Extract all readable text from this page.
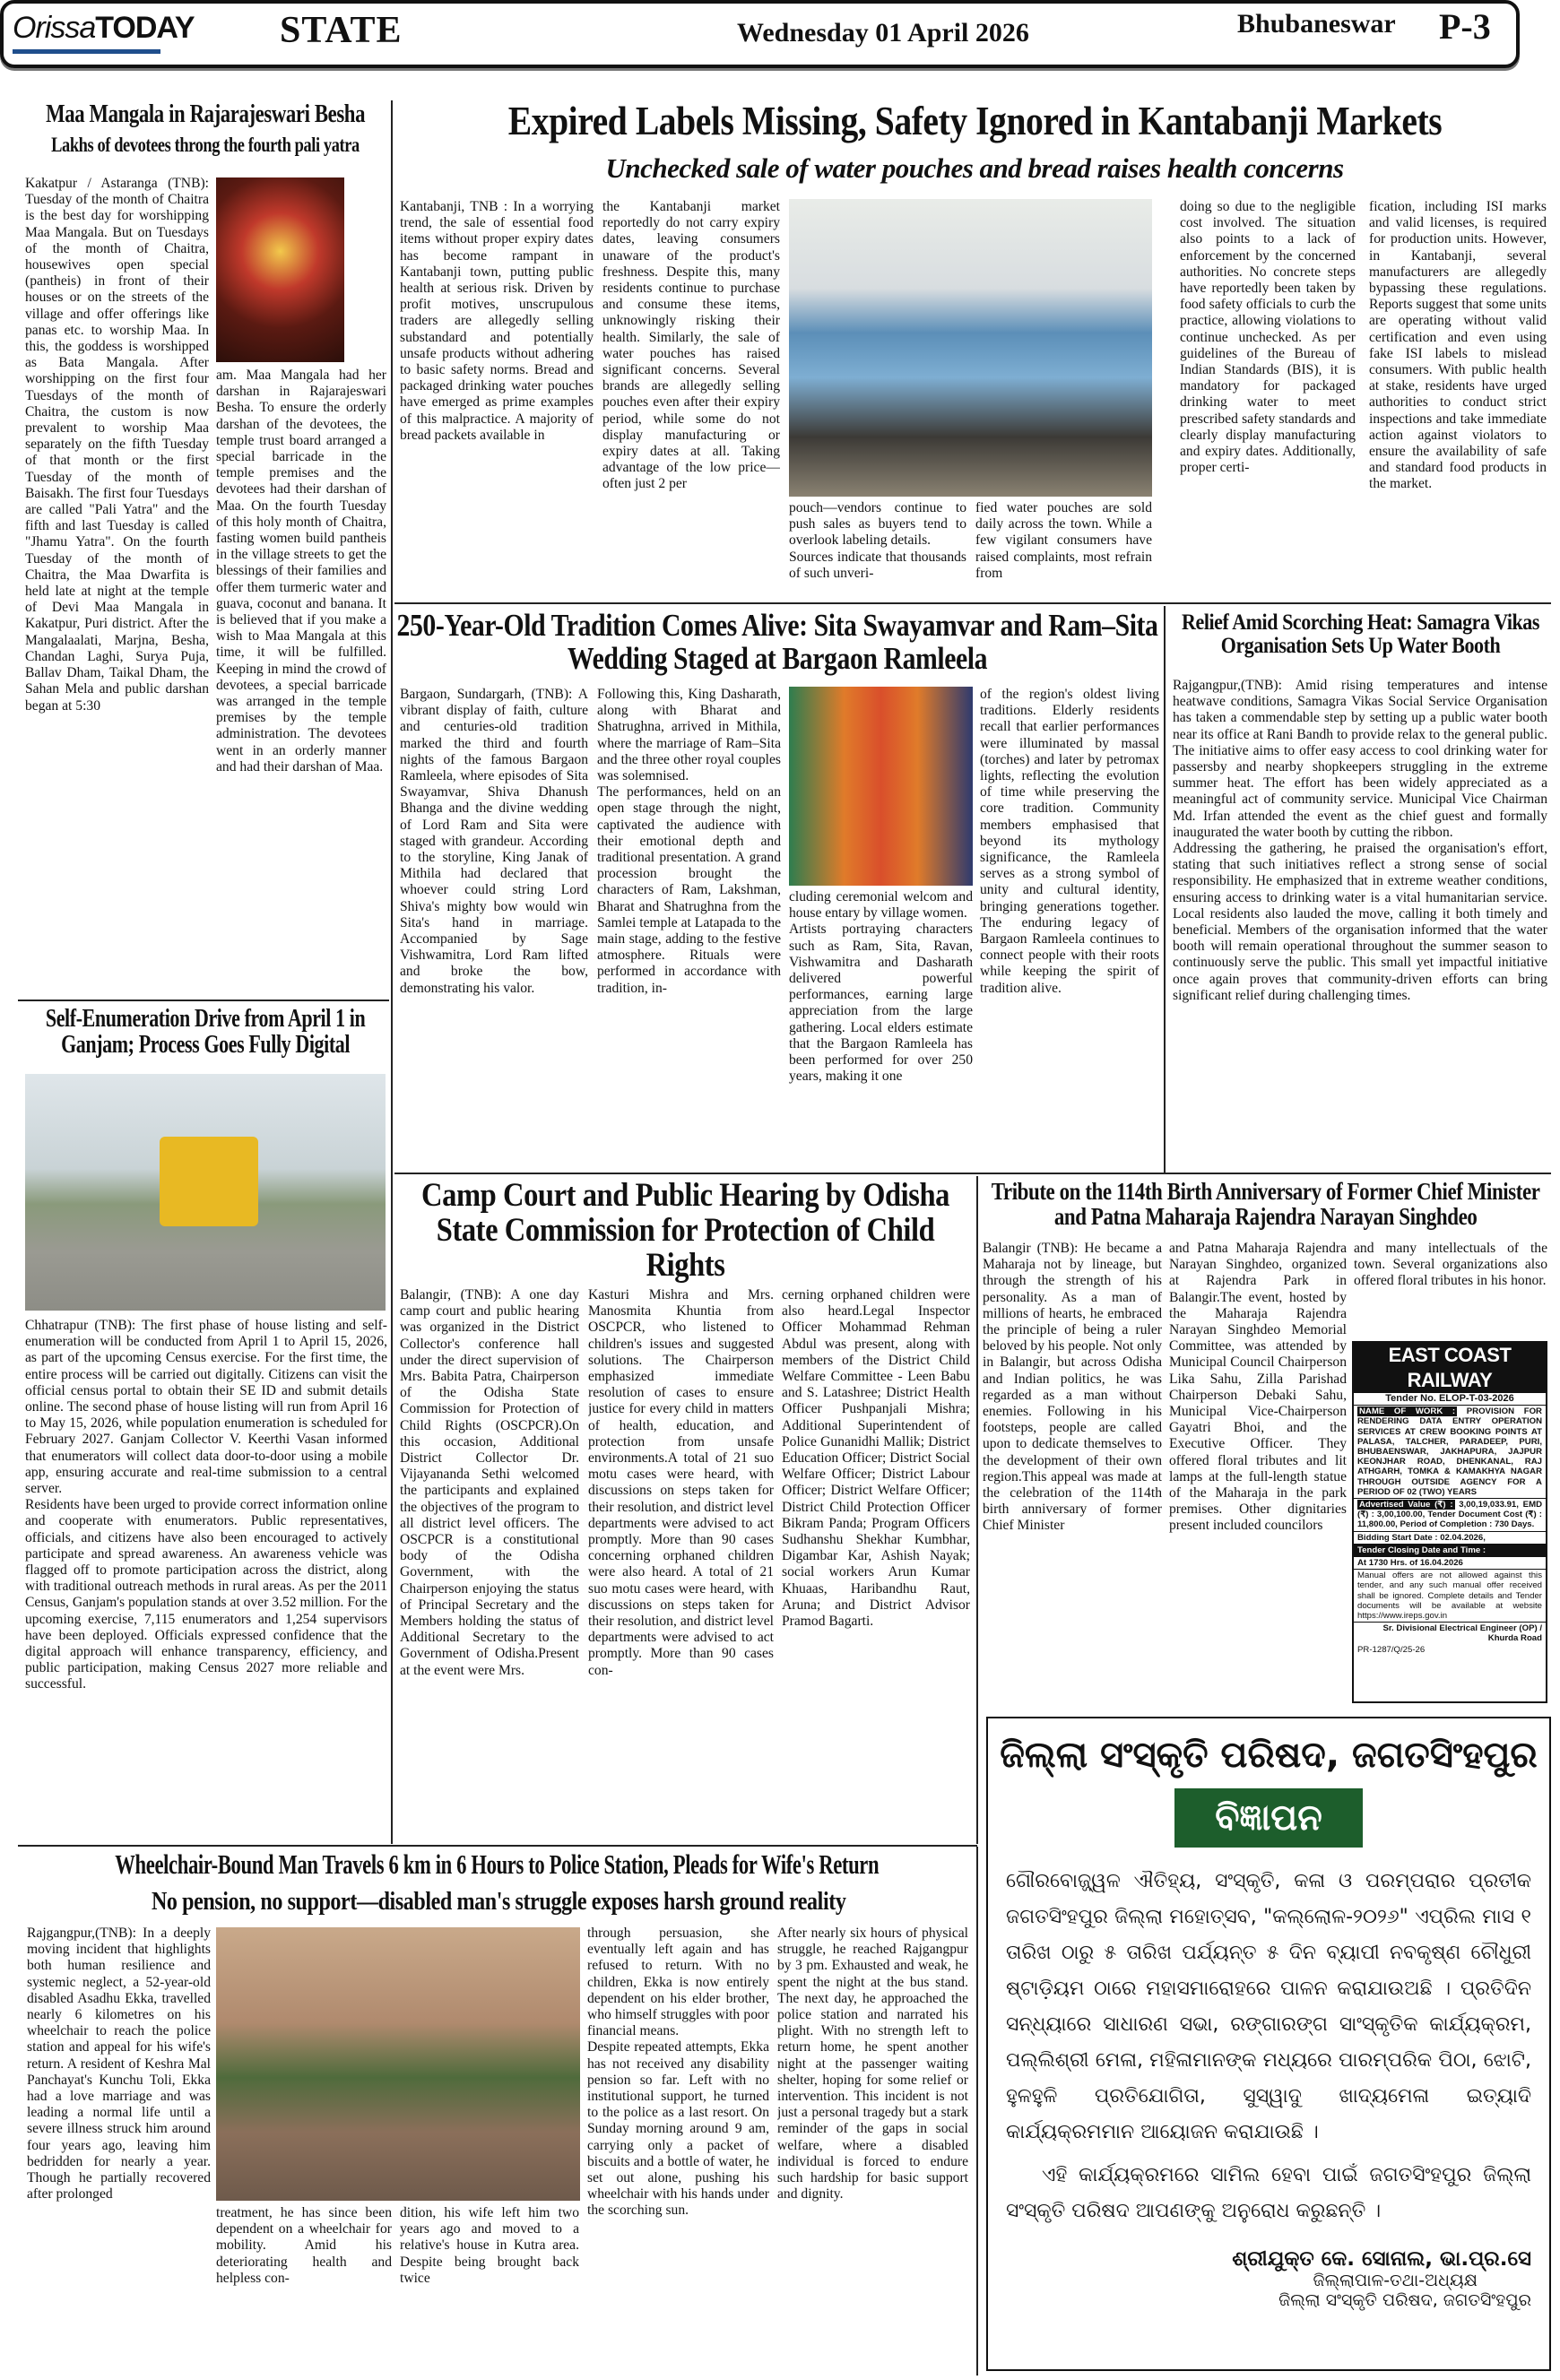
OrissaTODAY STATE	Wednesday 01 April 2026	Bhubaneswar P-3
Maa Mangala in Rajarajeswari Besha
Lakhs of devotees throng the fourth pali yatra
Kakatpur / Astaranga (TNB): Tuesday of the month of Chaitra is the best day for worshipping Maa Mangala. But on Tuesdays of the month of Chaitra, housewives open special (pantheis) in front of their houses or on the streets of the village and offer offerings like panas etc. to worship Maa. In this, the goddess is worshipped as Bata Mangala. After worshipping on the first four Tuesdays of the month of Chaitra, the custom is now prevalent to worship Maa separately on the fifth Tuesday of that month or the first Tuesday of the month of Baisakh. The first four Tuesdays are called "Pali Yatra" and the fifth and last Tuesday is called "Jhamu Yatra". On the fourth Tuesday of the month of Chaitra, the Maa Dwarfita is held late at night at the temple of Devi Maa Mangala in Kakatpur, Puri district. After the Mangalaalati, Marjna, Besha, Chandan Laghi, Surya Puja, Ballav Dham, Taikal Dham, the Sahan Mela and public darshan began at 5:30
am. Maa Mangala had her darshan in Rajarajeswari Besha. To ensure the orderly darshan of the devotees, the temple trust board arranged a special barricade in the temple premises and the devotees had their darshan of Maa. On the fourth Tuesday of this holy month of Chaitra, fasting women build pantheis in the village streets to get the blessings of their families and offer them turmeric water and guava, coconut and banana. It is believed that if you make a wish to Maa Mangala at this time, it will be fulfilled. Keeping in mind the crowd of devotees, a special barricade was arranged in the temple premises by the temple administration. The devotees went in an orderly manner and had their darshan of Maa.
Self-Enumeration Drive from April 1 in Ganjam; Process Goes Fully Digital
Chhatrapur (TNB): The first phase of house listing and self-enumeration will be conducted from April 1 to April 15, 2026, as part of the upcoming Census exercise. For the first time, the entire process will be carried out digitally. Citizens can visit the official census portal to obtain their SE ID and submit details online. The second phase of house listing will run from April 16 to May 15, 2026, while population enumeration is scheduled for February 2027. Ganjam Collector V. Keerthi Vasan informed that enumerators will collect data door-to-door using a mobile app, ensuring accurate and real-time submission to a central server.
Residents have been urged to provide correct information online and cooperate with enumerators. Public representatives, officials, and citizens have also been encouraged to actively participate and spread awareness. An awareness vehicle was flagged off to promote participation across the district, along with traditional outreach methods in rural areas. As per the 2011 Census, Ganjam's population stands at over 3.52 million. For the upcoming exercise, 7,115 enumerators and 1,254 supervisors have been deployed. Officials expressed confidence that the digital approach will enhance transparency, efficiency, and public participation, making Census 2027 more reliable and successful.
Expired Labels Missing, Safety Ignored in Kantabanji Markets
Unchecked sale of water pouches and bread raises health concerns
Kantabanji, TNB : In a worrying trend, the sale of essential food items without proper expiry dates has become rampant in Kantabanji town, putting public health at serious risk. Driven by profit motives, unscrupulous traders are allegedly selling substandard and potentially unsafe products without adhering to basic safety norms. Bread and packaged drinking water pouches have emerged as prime examples of this malpractice. A majority of bread packets available in
the Kantabanji market reportedly do not carry expiry dates, leaving consumers unaware of the product's freshness. Despite this, many residents continue to purchase and consume these items, unknowingly risking their health. Similarly, the sale of water pouches has raised significant concerns. Several brands are allegedly selling pouches even after their expiry period, while some do not display manufacturing or expiry dates at all. Taking advantage of the low price—often just 2 per
pouch—vendors continue to push sales as buyers tend to overlook labeling details.
Sources indicate that thousands of such unveri-
fied water pouches are sold daily across the town. While a few vigilant consumers have raised complaints, most refrain from
doing so due to the negligible cost involved. The situation also points to a lack of enforcement by the concerned authorities. No concrete steps have reportedly been taken by food safety officials to curb the practice, allowing violations to continue unchecked. As per guidelines of the Bureau of Indian Standards (BIS), it is mandatory for packaged drinking water to meet prescribed safety standards and clearly display manufacturing and expiry dates. Additionally, proper certi-
fication, including ISI marks and valid licenses, is required for production units. However, in Kantabanji, several manufacturers are allegedly bypassing these regulations. Reports suggest that some units are operating without valid certification and even using fake ISI labels to mislead consumers. With public health at stake, residents have urged authorities to conduct strict inspections and take immediate action against violators to ensure the availability of safe and standard food products in the market.
250-Year-Old Tradition Comes Alive: Sita Swayamvar and Ram–Sita Wedding Staged at Bargaon Ramleela
Bargaon, Sundargarh, (TNB): A vibrant display of faith, culture and centuries-old tradition marked the third and fourth nights of the famous Bargaon Ramleela, where episodes of Sita Swayamvar, Shiva Dhanush Bhanga and the divine wedding of Lord Ram and Sita were staged with grandeur. According to the storyline, King Janak of Mithila had declared that whoever could string Lord Shiva's mighty bow would win Sita's hand in marriage. Accompanied by Sage Vishwamitra, Lord Ram lifted and broke the bow, demonstrating his valor.
Following this, King Dasharath, along with Bharat and Shatrughna, arrived in Mithila, where the marriage of Ram–Sita and the three other royal couples was solemnised.
The performances, held on an open stage through the night, captivated the audience with their emotional depth and traditional presentation. A grand procession brought the characters of Ram, Lakshman, Bharat and Shatrughna from the Samlei temple at Latapada to the main stage, adding to the festive atmosphere. Rituals were performed in accordance with tradition, in-
cluding ceremonial welcom and house entary by village women.
Artists portraying characters such as Ram, Sita, Ravan, Vishwamitra and Dasharath delivered powerful performances, earning large appreciation from the large gathering. Local elders estimate that the Bargaon Ramleela has been performed for over 250 years, making it one
of the region's oldest living traditions. Elderly residents recall that earlier performances were illuminated by massal (torches) and later by petromax lights, reflecting the evolution of time while preserving the core tradition. Community members emphasised that beyond its mythology significance, the Ramleela serves as a strong symbol of unity and cultural identity, bringing generations together. The enduring legacy of Bargaon Ramleela continues to connect people with their roots while keeping the spirit of tradition alive.
Relief Amid Scorching Heat: Samagra Vikas Organisation Sets Up Water Booth
Rajgangpur,(TNB): Amid rising temperatures and intense heatwave conditions, Samagra Vikas Social Service Organisation has taken a commendable step by setting up a public water booth near its office at Rani Bandh to provide relax to the general public. The initiative aims to offer easy access to cool drinking water for passersby and nearby shopkeepers struggling in the extreme summer heat. The effort has been widely appreciated as a meaningful act of community service. Municipal Vice Chairman Md. Irfan attended the event as the chief guest and formally inaugurated the water booth by cutting the ribbon.
Addressing the gathering, he praised the organisation's effort, stating that such initiatives reflect a strong sense of social responsibility. He emphasized that in extreme weather conditions, ensuring access to drinking water is a vital humanitarian service. Local residents also lauded the move, calling it both timely and beneficial. Members of the organisation informed that the water booth will remain operational throughout the summer season to continuously serve the public. This small yet impactful initiative once again proves that community-driven efforts can bring significant relief during challenging times.
Camp Court and Public Hearing by Odisha State Commission for Protection of Child Rights
Balangir, (TNB): A one day camp court and public hearing was organized in the District Collector's conference hall under the direct supervision of Mrs. Babita Patra, Chairperson of the Odisha State Commission for Protection of Child Rights (OSCPCR).On this occasion, Additional District Collector Dr. Vijayananda Sethi welcomed the participants and explained the objectives of the program to all district level officers. The OSCPCR is a constitutional body of the Odisha Government, with the Chairperson enjoying the status of Principal Secretary and the Members holding the status of Additional Secretary to the Government of Odisha.Present at the event were Mrs.
Kasturi Mishra and Mrs. Manosmita Khuntia from OSCPCR, who listened to children's issues and suggested solutions. The Chairperson emphasized immediate resolution of cases to ensure justice for every child in matters of health, education, and protection from unsafe environments.A total of 21 suo motu cases were heard, with discussions on steps taken for their resolution, and district level departments were advised to act promptly. More than 90 cases concerning orphaned children were also heard. A total of 21 suo motu cases were heard, with discussions on steps taken for their resolution, and district level departments were advised to act promptly. More than 90 cases con-
cerning orphaned children were also heard.Legal Inspector Officer Mohammad Rehman Abdul was present, along with members of the District Child Welfare Committee - Leen Babu and S. Latashree; District Health Officer Pushpanjali Mishra; Additional Superintendent of Police Gunanidhi Mallik; District Education Officer; District Social Welfare Officer; District Labour Officer; District Welfare Officer; District Child Protection Officer Bikram Panda; Program Officers Sudhanshu Shekhar Kumbhar, Digambar Kar, Ashish Nayak; social workers Arun Kumar Khuaas, Haribandhu Raut, Aruna; and District Advisor Pramod Bagarti.
Tribute on the 114th Birth Anniversary of Former Chief Minister and Patna Maharaja Rajendra Narayan Singhdeo
Balangir (TNB): He became a Maharaja not by lineage, but through the strength of his personality. As a man of millions of hearts, he embraced the principle of being a ruler beloved by his people. Not only in Balangir, but across Odisha and Indian politics, he was regarded as a man without enemies. Following in his footsteps, people are called upon to dedicate themselves to the development of their own region.This appeal was made at the celebration of the 114th birth anniversary of former Chief Minister
and Patna Maharaja Rajendra Narayan Singhdeo, organized at Rajendra Park in Balangir.The event, hosted by the Maharaja Rajendra Narayan Singhdeo Memorial Committee, was attended by Municipal Council Chairperson Lika Sahu, Zilla Parishad Chairperson Debaki Sahu, Municipal Vice-Chairperson Gayatri Bhoi, and the Executive Officer. They offered floral tributes and lit lamps at the full-length statue of the Maharaja in the park premises. Other dignitaries present included councilors
and many intellectuals of the town. Several organizations also offered floral tributes in his honor.
EAST COAST RAILWAY
Tender No. ELOP-T-03-2026
NAME OF WORK : PROVISION FOR RENDERING DATA ENTRY OPERATION SERVICES AT CREW BOOKING POINTS AT PALASA, TALCHER, PARADEEP, PURI, BHUBAENSWAR, JAKHAPURA, JAJPUR KEONJHAR ROAD, DHENKANAL, RAJ ATHGARH, TOMKA & KAMAKHYA NAGAR THROUGH OUTSIDE AGENCY FOR A PERIOD OF 02 (TWO) YEARS
Advertised Value (₹) : 3,00,19,033.91, EMD (₹) : 3,00,100.00, Tender Document Cost (₹) : 11,800.00, Period of Completion : 730 Days.
Bidding Start Date : 02.04.2026,
Tender Closing Date and Time :
At 1730 Hrs. of 16.04.2026
Manual offers are not allowed against this tender, and any such manual offer received shall be ignored. Complete details and Tender documents will be available at website https://www.ireps.gov.in
Sr. Divisional Electrical Engineer (OP) / Khurda Road
PR-1287/Q/25-26
ଜିଲ୍ଲା ସଂସ୍କୃତି ପରିଷଦ, ଜଗତସିଂହପୁର
ବିଜ୍ଞାପନ
ଗୌରବୋଜ୍ଜ୍ୱଳ ଐତିହ୍ୟ, ସଂସ୍କୃତି, କଳା ଓ ପରମ୍ପରାର ପ୍ରତୀକ ଜଗତସିଂହପୁର ଜିଲ୍ଲା ମହୋତ୍ସବ, "କଲ୍ଲୋଳ-୨୦୨୬" ଏପ୍ରିଲ ମାସ ୧ ତାରିଖ ଠାରୁ ୫ ତାରିଖ ପର୍ଯ୍ୟନ୍ତ ୫ ଦିନ ବ୍ୟାପୀ ନବକୃଷ୍ଣ ଚୌଧୁରୀ ଷ୍ଟାଡ଼ିୟମ ଠାରେ ମହାସମାରୋହରେ ପାଳନ କରାଯାଉଅଛି । ପ୍ରତିଦିନ ସନ୍ଧ୍ୟାରେ ସାଧାରଣ ସଭା, ରଙ୍ଗାରଙ୍ଗ ସାଂସ୍କୃତିକ କାର୍ଯ୍ୟକ୍ରମ, ପଲ୍ଲିଶ୍ରୀ ମେଳା, ମହିଳାମାନଙ୍କ ମଧ୍ୟରେ ପାରମ୍ପରିକ ପିଠା, ଝୋଟି, ହୁଳହୁଳି ପ୍ରତିଯୋଗିତା, ସୁସ୍ୱାଦୁ ଖାଦ୍ୟମେଳା ଇତ୍ୟାଦି କାର୍ଯ୍ୟକ୍ରମମାନ ଆୟୋଜନ କରାଯାଉଛି ।
ଏହି କାର୍ଯ୍ୟକ୍ରମରେ ସାମିଲ ହେବା ପାଇଁ ଜଗତସିଂହପୁର ଜିଲ୍ଲା ସଂସ୍କୃତି ପରିଷଦ ଆପଣଙ୍କୁ ଅନୁରୋଧ କରୁଛନ୍ତି ।
ଶ୍ରୀଯୁକ୍ତ କେ. ସୋନାଲ, ଭା.ପ୍ର.ସେ
ଜିଲ୍ଲାପାଳ-ତଥା-ଅଧ୍ୟକ୍ଷ
ଜିଲ୍ଲା ସଂସ୍କୃତି ପରିଷଦ, ଜଗତସିଂହପୁର
Wheelchair-Bound Man Travels 6 km in 6 Hours to Police Station, Pleads for Wife's Return
No pension, no support—disabled man's struggle exposes harsh ground reality
Rajgangpur,(TNB): In a deeply moving incident that highlights both human resilience and systemic neglect, a 52-year-old disabled Asadhu Ekka, travelled nearly 6 kilometres on his wheelchair to reach the police station and appeal for his wife's return. A resident of Keshra Mal Panchayat's Kunchu Toli, Ekka had a love marriage and was leading a normal life until a severe illness struck him around four years ago, leaving him bedridden for nearly a year. Though he partially recovered after prolonged
treatment, he has since been dependent on a wheelchair for mobility. Amid his deteriorating health and helpless con-
dition, his wife left him two years ago and moved to a relative's house in Kutra area. Despite being brought back twice
through persuasion, she eventually left again and has refused to return. With no children, Ekka is now entirely dependent on his elder brother, who himself struggles with poor financial means.
Despite repeated attempts, Ekka has not received any disability pension so far. Left with no institutional support, he turned to the police as a last resort. On Sunday morning around 9 am, carrying only a packet of biscuits and a bottle of water, he set out alone, pushing his wheelchair with his hands under the scorching sun.
After nearly six hours of physical struggle, he reached Rajgangpur by 3 pm. Exhausted and weak, he spent the night at the bus stand. The next day, he approached the police station and narrated his plight. With no strength left to return home, he spent another night at the passenger waiting shelter, hoping for some relief or intervention. This incident is not just a personal tragedy but a stark reminder of the gaps in social welfare, where a disabled individual is forced to endure such hardship for basic support and dignity.
